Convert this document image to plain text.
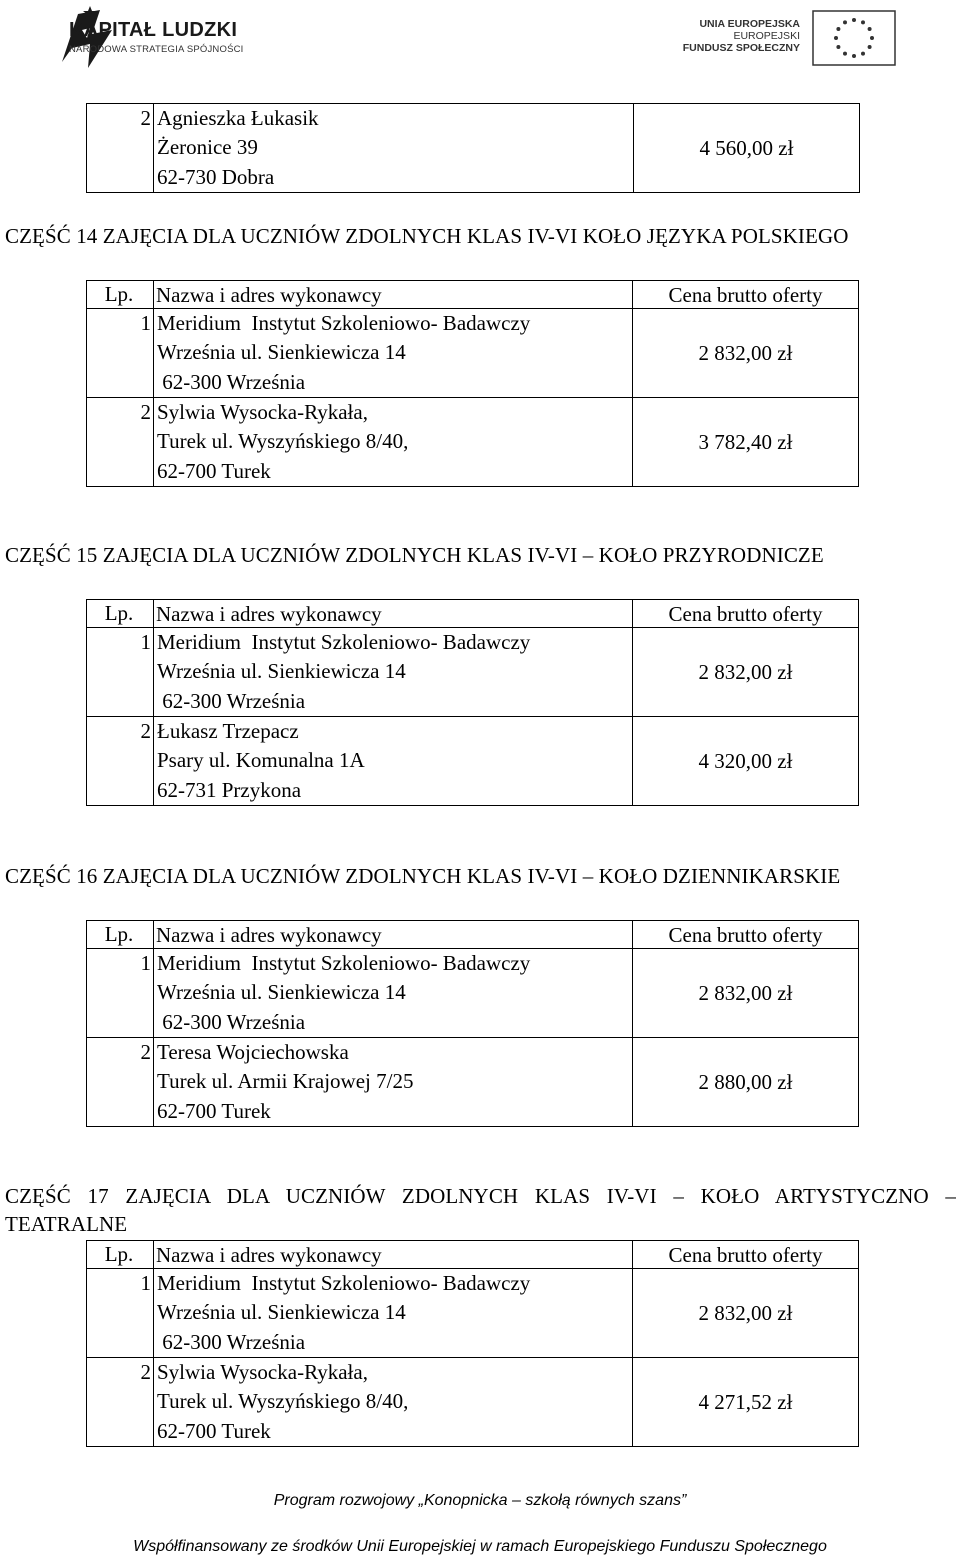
KAPITAŁ LUDZKI
NARODOWA STRATEGIA SPÓJNOŚCI
UNIA EUROPEJSKA
EUROPEJSKI
FUNDUSZ SPOŁECZNY
2	Agnieszka Łukasik
Żeronice 39
62-730 Dobra
	4 560,00 zł
CZĘŚĆ 14 ZAJĘCIA DLA UCZNIÓW ZDOLNYCH KLAS IV-VI KOŁO JĘZYKA POLSKIEGO
Lp.	Nazwa i adres wykonawcy	Cena brutto oferty

1	Meridium  Instytut Szkoleniowo- Badawczy
Września ul. Sienkiewicza 14
62-300 Września	2 832,00 zł

2	Sylwia Wysocka-Rykała,
Turek ul. Wyszyńskiego 8/40,
62-700 Turek	3 782,40 zł
CZĘŚĆ 15 ZAJĘCIA DLA UCZNIÓW ZDOLNYCH KLAS IV-VI – KOŁO PRZYRODNICZE
Lp.	Nazwa i adres wykonawcy	Cena brutto oferty

1	Meridium  Instytut Szkoleniowo- Badawczy
Września ul. Sienkiewicza 14
62-300 Września	2 832,00 zł

2	Łukasz Trzepacz
Psary ul. Komunalna 1A
62-731 Przykona	4 320,00 zł
CZĘŚĆ 16 ZAJĘCIA DLA UCZNIÓW ZDOLNYCH KLAS IV-VI – KOŁO DZIENNIKARSKIE
Lp.	Nazwa i adres wykonawcy	Cena brutto oferty

1	Meridium  Instytut Szkoleniowo- Badawczy
Września ul. Sienkiewicza 14
62-300 Września	2 832,00 zł

2	Teresa Wojciechowska
Turek ul. Armii Krajowej 7/25
62-700 Turek	2 880,00 zł
CZĘŚĆ 17 ZAJĘCIA DLA UCZNIÓW ZDOLNYCH KLAS IV-VI – KOŁO ARTYSTYCZNO – TEATRALNE
Lp.	Nazwa i adres wykonawcy	Cena brutto oferty

1	Meridium  Instytut Szkoleniowo- Badawczy
Września ul. Sienkiewicza 14
62-300 Września	2 832,00 zł

2	Sylwia Wysocka-Rykała,
Turek ul. Wyszyńskiego 8/40,
62-700 Turek	4 271,52 zł
Program rozwojowy „Konopnicka – szkołą równych szans”
Współfinansowany ze środków Unii Europejskiej w ramach Europejskiego Funduszu Społecznego
